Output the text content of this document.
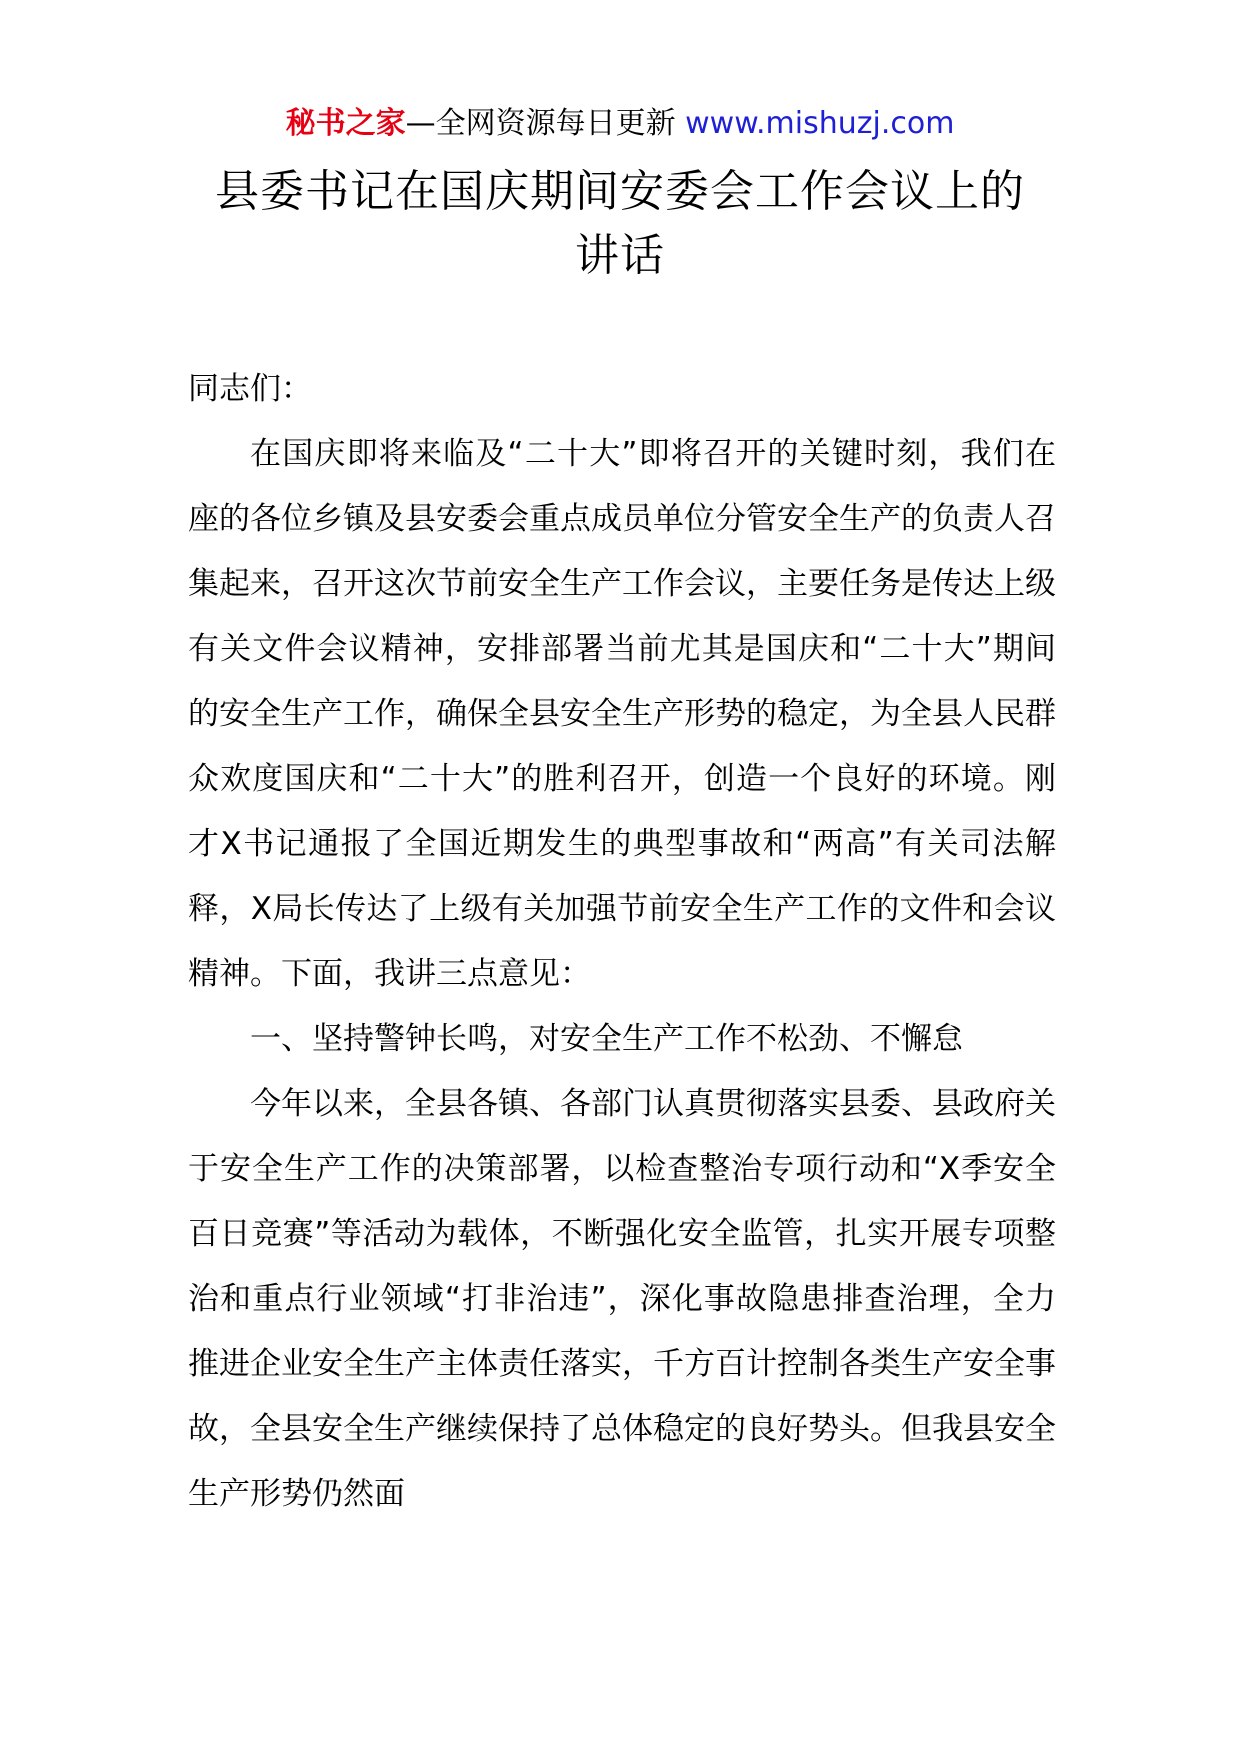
秘书之家—全网资源每日更新 www.mishuzj.com
县委书记在国庆期间安委会工作会议上的
讲话

同志们：

在国庆即将来临及“二十大”即将召开的关键时刻，我们在座的各位乡镇及县安委会重点成员单位分管安全生产的负责人召集起来，召开这次节前安全生产工作会议，主要任务是传达上级有关文件会议精神，安排部署当前尤其是国庆和“二十大”期间的安全生产工作，确保全县安全生产形势的稳定，为全县人民群众欢度国庆和“二十大”的胜利召开，创造一个良好的环境。刚才X书记通报了全国近期发生的典型事故和“两高”有关司法解释，X局长传达了上级有关加强节前安全生产工作的文件和会议精神。下面，我讲三点意见：

一、坚持警钟长鸣，对安全生产工作不松劲、不懈怠

今年以来，全县各镇、各部门认真贯彻落实县委、县政府关于安全生产工作的决策部署，以检查整治专项行动和“X季安全百日竞赛”等活动为载体，不断强化安全监管，扎实开展专项整治和重点行业领域“打非治违”，深化事故隐患排查治理，全力推进企业安全生产主体责任落实，千方百计控制各类生产安全事故，全县安全生产继续保持了总体稳定的良好势头。但我县安全生产形势仍然面
